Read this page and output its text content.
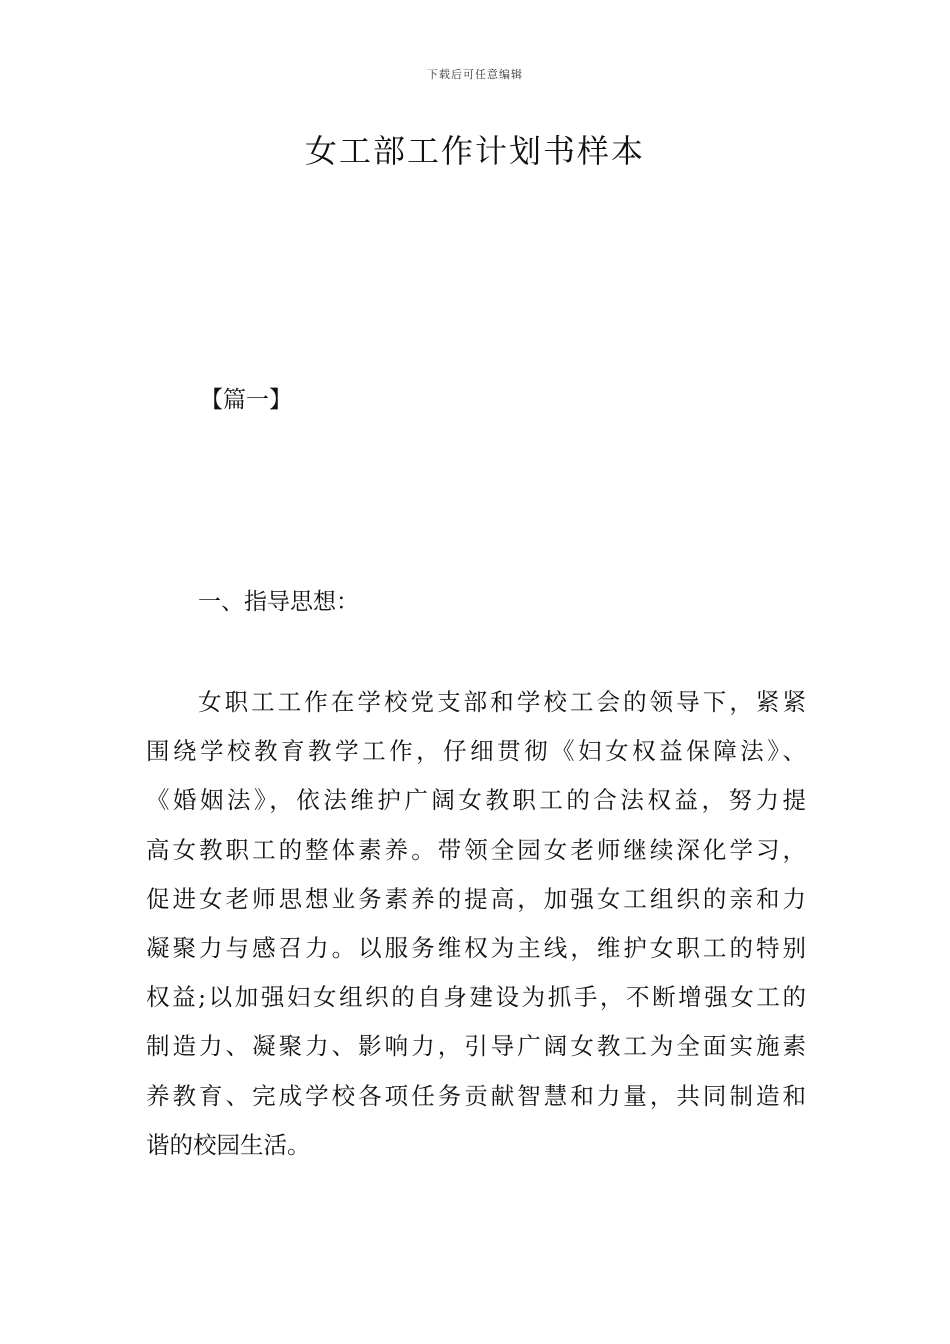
下载后可任意编辑
女工部工作计划书样本
【篇一】
一、指导思想：
女职工工作在学校党支部和学校工会的领导下，紧紧
围绕学校教育教学工作，仔细贯彻《妇女权益保障法》、
《婚姻法》，依法维护广阔女教职工的合法权益，努力提
高女教职工的整体素养。带领全园女老师继续深化学习，
促进女老师思想业务素养的提高，加强女工组织的亲和力
凝聚力与感召力。以服务维权为主线，维护女职工的特别
权益;以加强妇女组织的自身建设为抓手，不断增强女工的
制造力、凝聚力、影响力，引导广阔女教工为全面实施素
养教育、完成学校各项任务贡献智慧和力量，共同制造和
谐的校园生活。
